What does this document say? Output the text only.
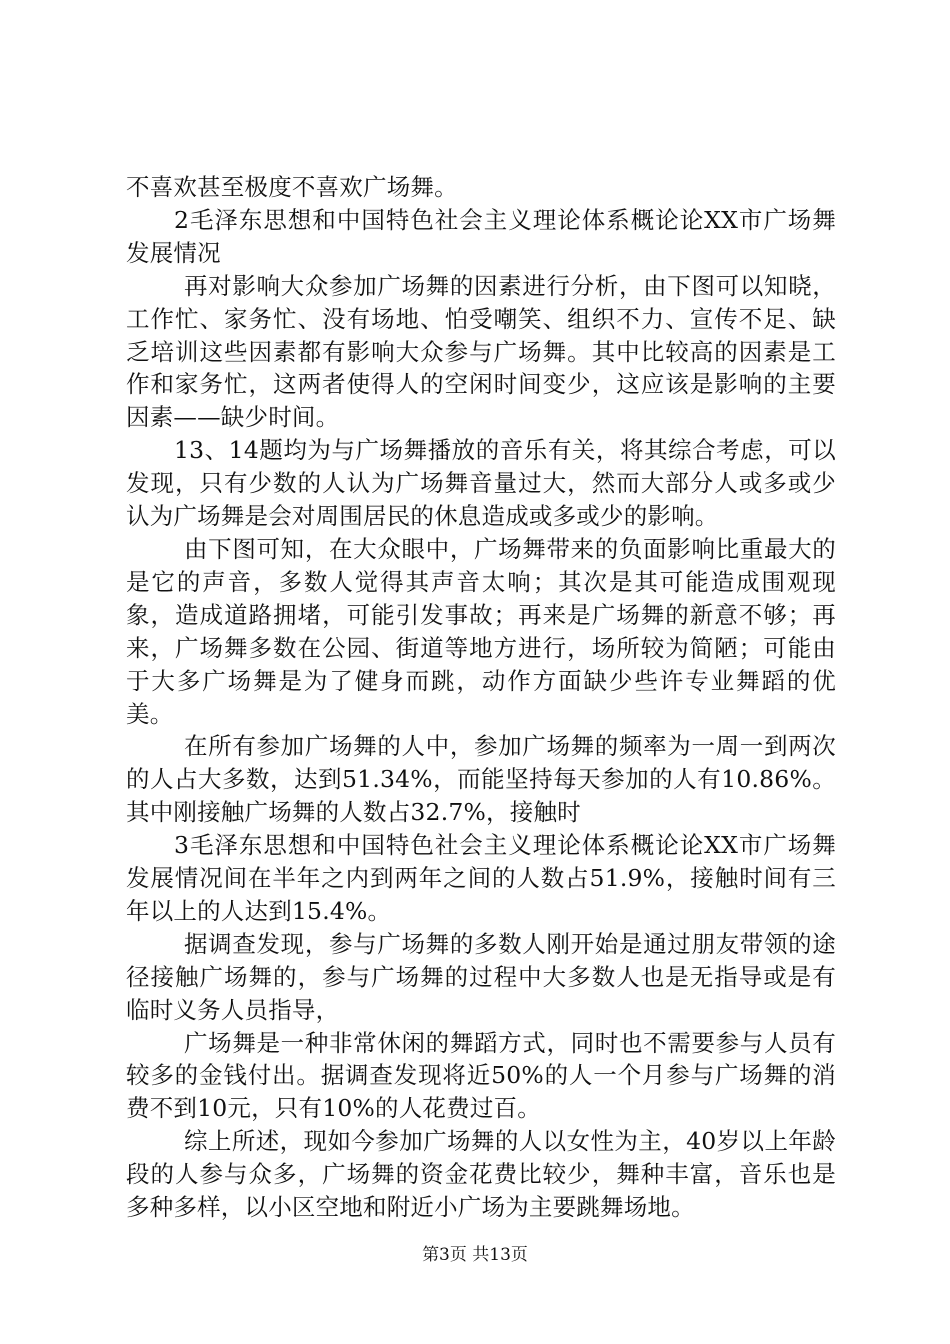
不喜欢甚至极度不喜欢广场舞。

2毛泽东思想和中国特色社会主义理论体系概论论XX市广场舞发展情况

再对影响大众参加广场舞的因素进行分析，由下图可以知晓，工作忙、家务忙、没有场地、怕受嘲笑、组织不力、宣传不足、缺乏培训这些因素都有影响大众参与广场舞。其中比较高的因素是工作和家务忙，这两者使得人的空闲时间变少，这应该是影响的主要因素——缺少时间。

13、14题均为与广场舞播放的音乐有关，将其综合考虑，可以发现，只有少数的人认为广场舞音量过大，然而大部分人或多或少认为广场舞是会对周围居民的休息造成或多或少的影响。

由下图可知，在大众眼中，广场舞带来的负面影响比重最大的是它的声音，多数人觉得其声音太响；其次是其可能造成围观现象，造成道路拥堵，可能引发事故；再来是广场舞的新意不够；再来，广场舞多数在公园、街道等地方进行，场所较为简陋；可能由于大多广场舞是为了健身而跳，动作方面缺少些许专业舞蹈的优美。

在所有参加广场舞的人中，参加广场舞的频率为一周一到两次的人占大多数，达到51.34%，而能坚持每天参加的人有10.86%。其中刚接触广场舞的人数占32.7%，接触时

3毛泽东思想和中国特色社会主义理论体系概论论XX市广场舞发展情况间在半年之内到两年之间的人数占51.9%，接触时间有三年以上的人达到15.4%。

据调查发现，参与广场舞的多数人刚开始是通过朋友带领的途径接触广场舞的，参与广场舞的过程中大多数人也是无指导或是有临时义务人员指导，

广场舞是一种非常休闲的舞蹈方式，同时也不需要参与人员有较多的金钱付出。据调查发现将近50%的人一个月参与广场舞的消费不到10元，只有10%的人花费过百。

综上所述，现如今参加广场舞的人以女性为主，40岁以上年龄段的人参与众多，广场舞的资金花费比较少，舞种丰富，音乐也是多种多样，以小区空地和附近小广场为主要跳舞场地。

第3页 共13页
